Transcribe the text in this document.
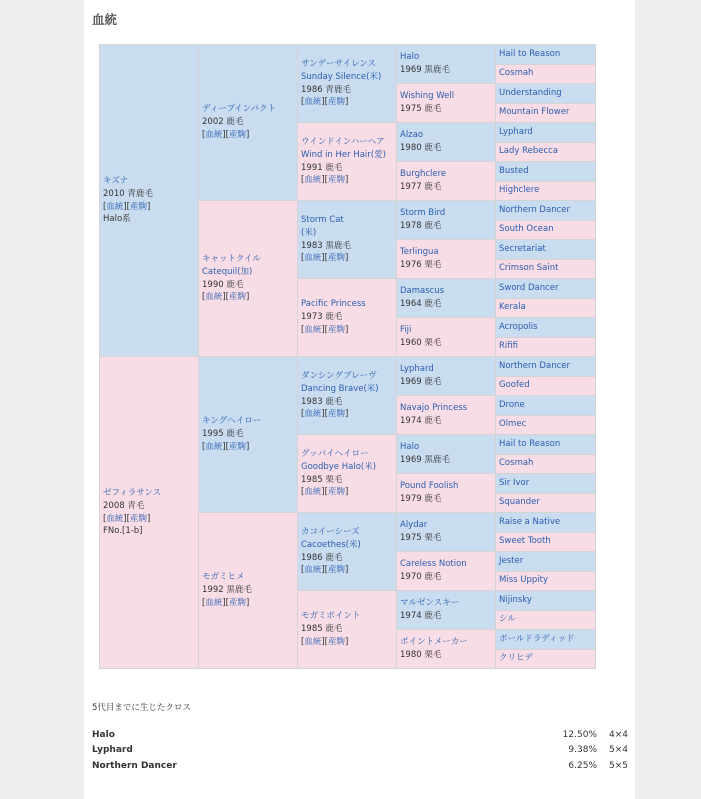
血統
キズナ
2010 青鹿毛
[血統][産駒]
Halo系	ディープインパクト
2002 鹿毛
[血統][産駒]	サンデーサイレンス
Sunday Silence(米)
1986 青鹿毛
[血統][産駒]	Halo
1969 黒鹿毛	Hail to Reason
				Cosmah
			Wishing Well
1975 鹿毛	Understanding
				Mountain Flower
		ウインドインハーヘア
Wind in Her Hair(愛)
1991 鹿毛
[血統][産駒]	Alzao
1980 鹿毛	Lyphard
				Lady Rebecca
			Burghclere
1977 鹿毛	Busted
				Highclere
	キャットクイル
Catequil(加)
1990 鹿毛
[血統][産駒]	Storm Cat
(米)
1983 黒鹿毛
[血統][産駒]	Storm Bird
1978 鹿毛	Northern Dancer
				South Ocean
			Terlingua
1976 栗毛	Secretariat
				Crimson Saint
		Pacific Princess
1973 鹿毛
[血統][産駒]	Damascus
1964 鹿毛	Sword Dancer
				Kerala
			Fiji
1960 栗毛	Acropolis
				Rififi
ゼフィラサンス
2008 青毛
[血統][産駒]
FNo.[1-b]	キングヘイロー
1995 鹿毛
[血統][産駒]	ダンシングブレーヴ
Dancing Brave(米)
1983 鹿毛
[血統][産駒]	Lyphard
1969 鹿毛	Northern Dancer
				Goofed
			Navajo Princess
1974 鹿毛	Drone
				Olmec
		グッバイヘイロー
Goodbye Halo(米)
1985 栗毛
[血統][産駒]	Halo
1969 黒鹿毛	Hail to Reason
				Cosmah
			Pound Foolish
1979 鹿毛	Sir Ivor
				Squander
	モガミヒメ
1992 黒鹿毛
[血統][産駒]	カコイーシーズ
Cacoethes(米)
1986 鹿毛
[血統][産駒]	Alydar
1975 栗毛	Raise a Native
				Sweet Tooth
			Careless Notion
1970 鹿毛	Jester
				Miss Uppity
		モガミポイント
1985 鹿毛
[血統][産駒]	マルゼンスキー
1974 鹿毛	Nijinsky
				シル
			ポイントメーカー
1980 栗毛	ボールドラディッド
				クリヒデ
5代目までに生じたクロス
Halo	12.50% 4×4
Lyphard	9.38% 5×4
Northern Dancer	6.25% 5×5
